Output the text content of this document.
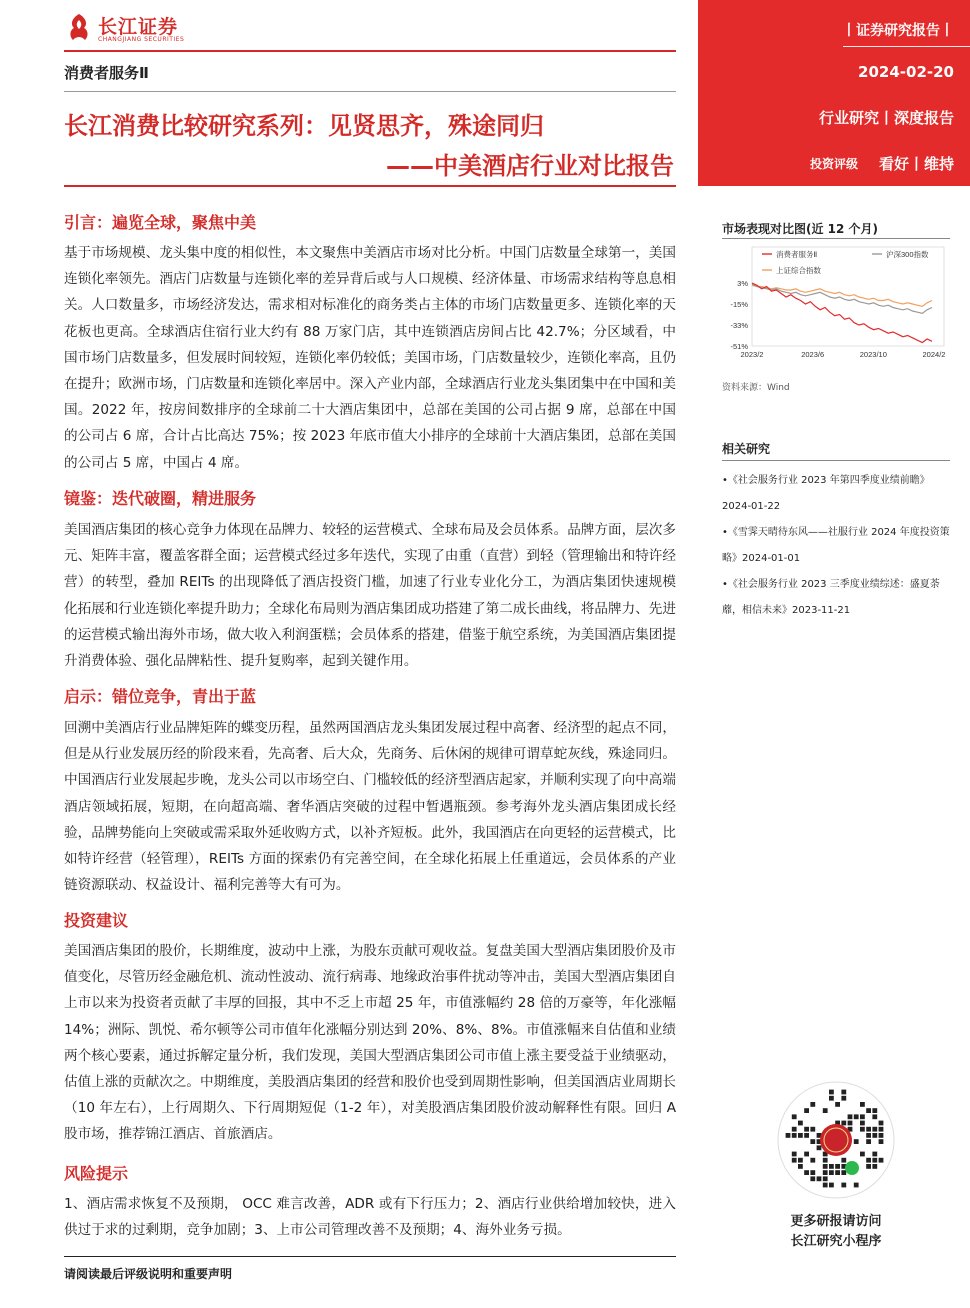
长江证券
CHANGJIANG SECURITIES
消费者服务Ⅱ
长江消费比较研究系列：见贤思齐，殊途同归
——中美酒店行业对比报告
丨证券研究报告丨
2024-02-20
行业研究丨深度报告
投资评级 看好丨维持
引言：遍览全球，聚焦中美

基于市场规模、龙头集中度的相似性，本文聚焦中美酒店市场对比分析。中国门店数量全球第一，美国连锁化率领先。酒店门店数量与连锁化率的差异背后或与人口规模、经济体量、市场需求结构等息息相关。人口数量多，市场经济发达，需求相对标准化的商务类占主体的市场门店数量更多、连锁化率的天花板也更高。全球酒店住宿行业大约有 88 万家门店，其中连锁酒店房间占比 42.7%；分区域看，中国市场门店数量多，但发展时间较短，连锁化率仍较低；美国市场，门店数量较少，连锁化率高，且仍在提升；欧洲市场，门店数量和连锁化率居中。深入产业内部，全球酒店行业龙头集团集中在中国和美国。2022 年，按房间数排序的全球前二十大酒店集团中，总部在美国的公司占据 9 席，总部在中国的公司占 6 席，合计占比高达 75%；按 2023 年底市值大小排序的全球前十大酒店集团，总部在美国的公司占 5 席，中国占 4 席。

镜鉴：迭代破圈，精进服务

美国酒店集团的核心竞争力体现在品牌力、较轻的运营模式、全球布局及会员体系。品牌方面，层次多元、矩阵丰富，覆盖客群全面；运营模式经过多年迭代，实现了由重（直营）到轻（管理输出和特许经营）的转型，叠加 REITs 的出现降低了酒店投资门槛，加速了行业专业化分工，为酒店集团快速规模化拓展和行业连锁化率提升助力；全球化布局则为酒店集团成功搭建了第二成长曲线，将品牌力、先进的运营模式输出海外市场，做大收入利润蛋糕；会员体系的搭建，借鉴于航空系统，为美国酒店集团提升消费体验、强化品牌粘性、提升复购率，起到关键作用。

启示：错位竞争，青出于蓝

回溯中美酒店行业品牌矩阵的蝶变历程，虽然两国酒店龙头集团发展过程中高奢、经济型的起点不同，但是从行业发展历经的阶段来看，先高奢、后大众，先商务、后休闲的规律可谓草蛇灰线，殊途同归。中国酒店行业发展起步晚，龙头公司以市场空白、门槛较低的经济型酒店起家，并顺利实现了向中高端酒店领域拓展，短期，在向超高端、奢华酒店突破的过程中暂遇瓶颈。参考海外龙头酒店集团成长经验，品牌势能向上突破或需采取外延收购方式，以补齐短板。此外，我国酒店在向更轻的运营模式，比如特许经营（轻管理），REITs 方面的探索仍有完善空间，在全球化拓展上任重道远，会员体系的产业链资源联动、权益设计、福利完善等大有可为。

投资建议

美国酒店集团的股价，长期维度，波动中上涨，为股东贡献可观收益。复盘美国大型酒店集团股价及市值变化，尽管历经金融危机、流动性波动、流行病毒、地缘政治事件扰动等冲击，美国大型酒店集团自上市以来为投资者贡献了丰厚的回报，其中不乏上市超 25 年，市值涨幅约 28 倍的万豪等，年化涨幅 14%；洲际、凯悦、希尔顿等公司市值年化涨幅分别达到 20%、8%、8%。市值涨幅来自估值和业绩两个核心要素，通过拆解定量分析，我们发现，美国大型酒店集团公司市值上涨主要受益于业绩驱动，估值上涨的贡献次之。中期维度，美股酒店集团的经营和股价也受到周期性影响，但美国酒店业周期长（10 年左右），上行周期久、下行周期短促（1-2 年），对美股酒店集团股价波动解释性有限。回归 A 股市场，推荐锦江酒店、首旅酒店。

风险提示

1、酒店需求恢复不及预期， OCC 难言改善，ADR 或有下行压力；2、酒店行业供给增加较快，进入供过于求的过剩期，竞争加剧；3、上市公司管理改善不及预期；4、海外业务亏损。

市场表现对比图(近 12 个月)
消费者服务Ⅱ	沪深300指数
上证综合指数
3%
-15%
-33%
-51%
2023/2	2023/6	2023/10	2024/2
资料来源：Wind
相关研究

•《社会服务行业 2023 年第四季度业绩前瞻》2024-01-22

•《雪霁天晴待东风——社服行业 2024 年度投资策略》2024-01-01

•《社会服务行业 2023 三季度业绩综述：盛夏荼蘼，相信未来》2023-11-21

更多研报请访问
长江研究小程序
请阅读最后评级说明和重要声明
